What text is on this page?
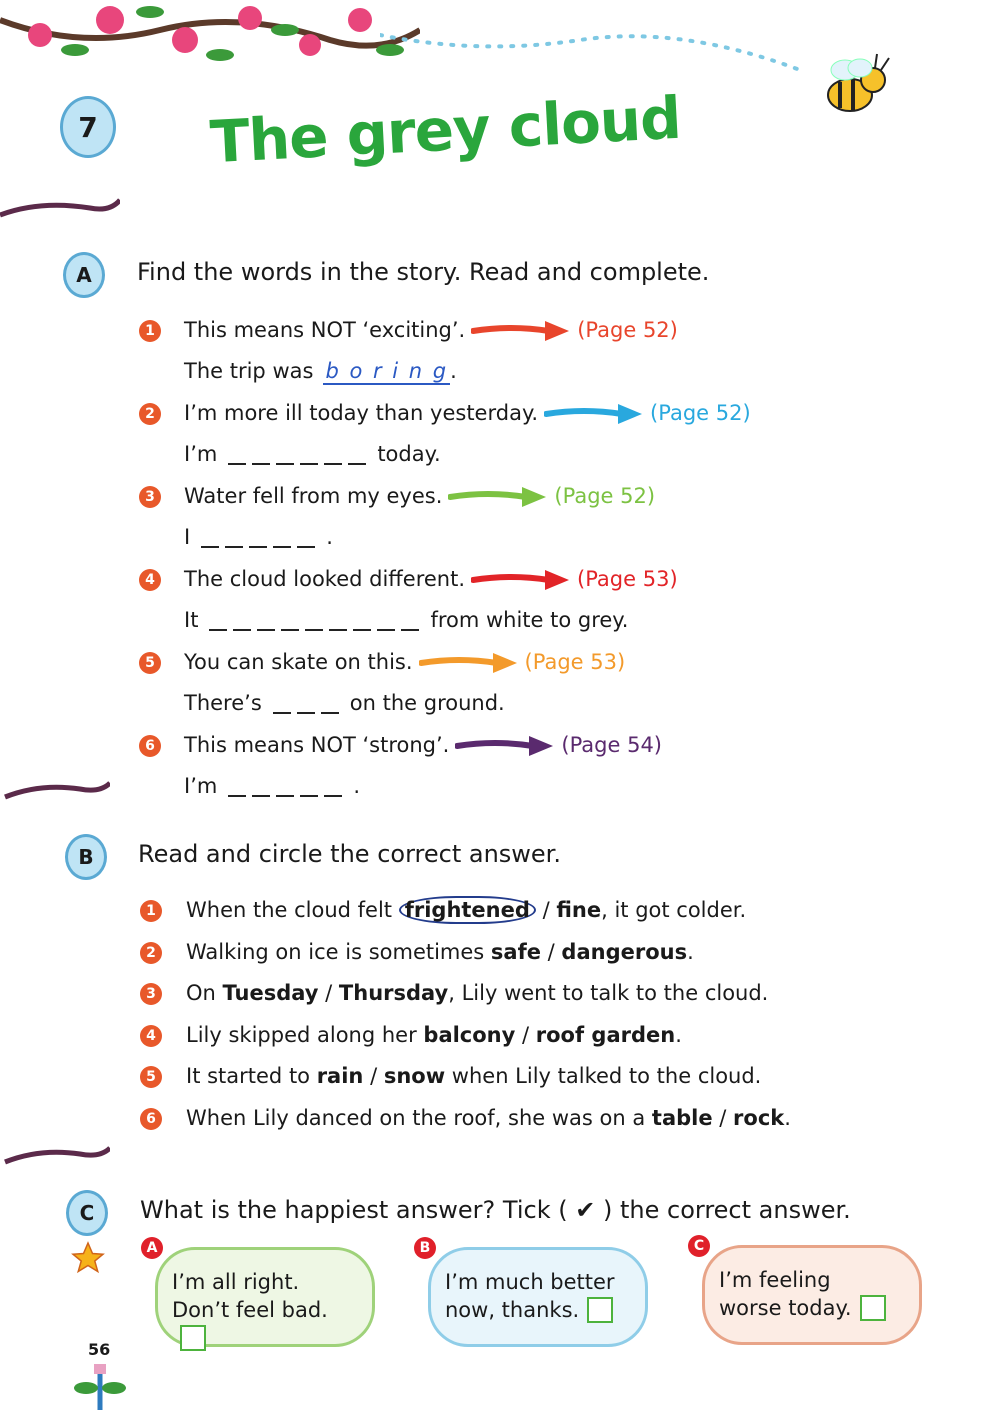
7 The grey cloud
A Find the words in the story. Read and complete.
1 This means NOT ‘exciting’.	(Page 52)
The trip was b o r i n g.
2 I’m more ill today than yesterday.	(Page 52)
I’m	today.
3 Water fell from my eyes.	(Page 52)
I	.
4 The cloud looked different.	(Page 53)
It	from white to grey.
5 You can skate on this.	(Page 53)
There’s	on the ground.
6 This means NOT ‘strong’.	(Page 54)
I’m	.
B Read and circle the correct answer.
1 When the cloud felt frightened / fine, it got colder.
2 Walking on ice is sometimes safe / dangerous.
3 On Tuesday / Thursday, Lily went to talk to the cloud.
4 Lily skipped along her balcony / roof garden.
5 It started to rain / snow when Lily talked to the cloud.
6 When Lily danced on the roof, she was on a table / rock.
C What is the happiest answer? Tick ( ✔ ) the correct answer.
A
I’m all right.
Don’t feel bad.
B
I’m much better
now, thanks.
C
I’m feeling
worse today.
56
